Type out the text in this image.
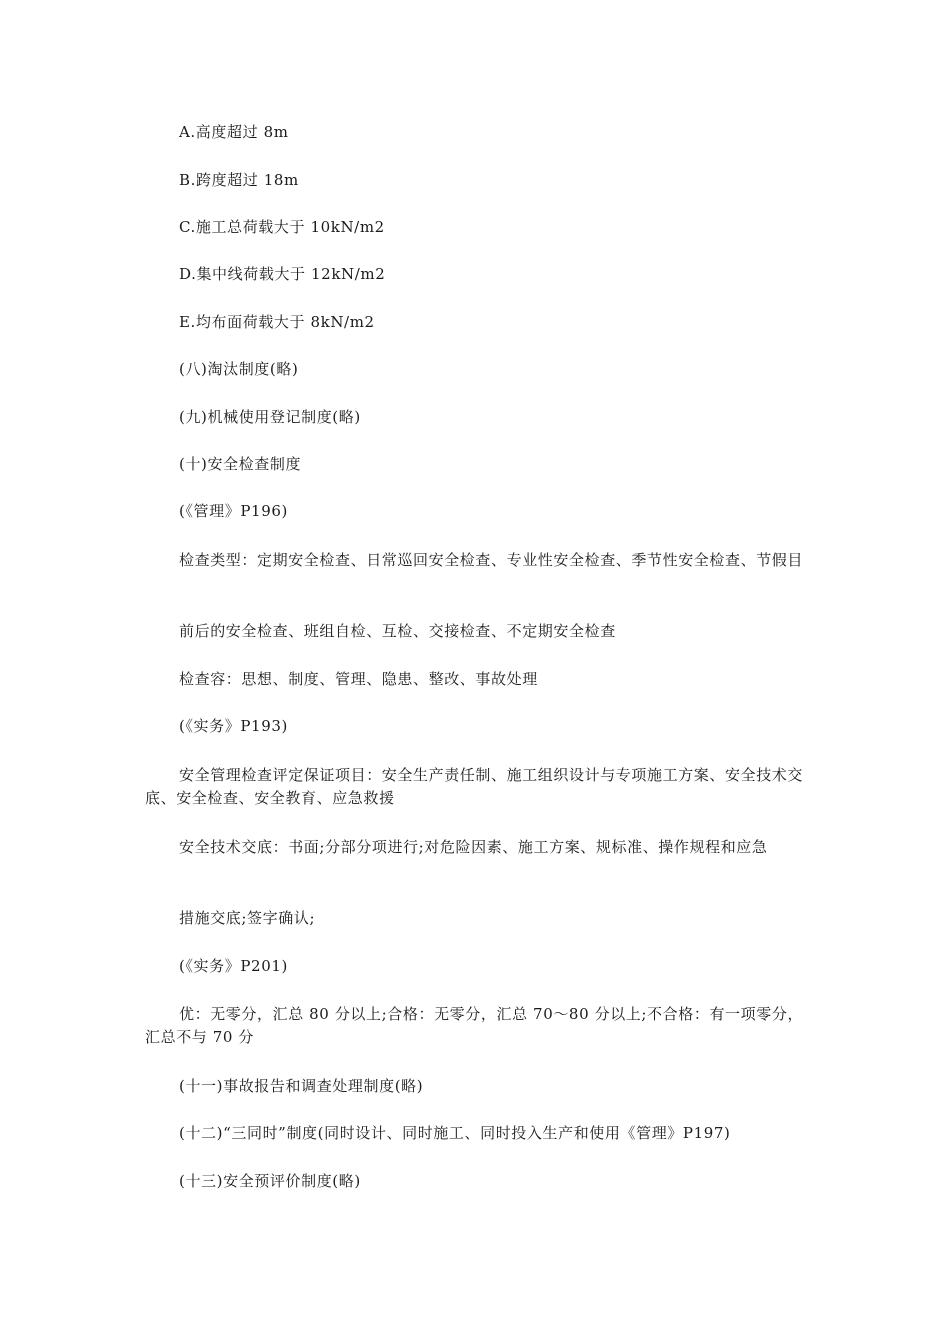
A.高度超过 8m

B.跨度超过 18m

C.施工总荷载大于 10kN/m2

D.集中线荷载大于 12kN/m2

E.均布面荷载大于 8kN/m2

(八)淘汰制度(略)

(九)机械使用登记制度(略)

(十)安全检查制度

(《管理》P196)

检查类型：定期安全检查、日常巡回安全检查、专业性安全检查、季节性安全检查、节假目

前后的安全检查、班组自检、互检、交接检查、不定期安全检查

检查容：思想、制度、管理、隐患、整改、事故处理

(《实务》P193)

安全管理检查评定保证项目：安全生产责任制、施工组织设计与专项施工方案、安全技术交底、安全检查、安全教育、应急救援

安全技术交底：书面;分部分项进行;对危险因素、施工方案、规标准、操作规程和应急

措施交底;签字确认;

(《实务》P201)

优：无零分，汇总 80 分以上;合格：无零分，汇总 70～80 分以上;不合格：有一项零分，汇总不与 70 分

(十一)事故报告和调查处理制度(略)

(十二)“三同时”制度(同时设计、同时施工、同时投入生产和使用《管理》P197)

(十三)安全预评价制度(略)
